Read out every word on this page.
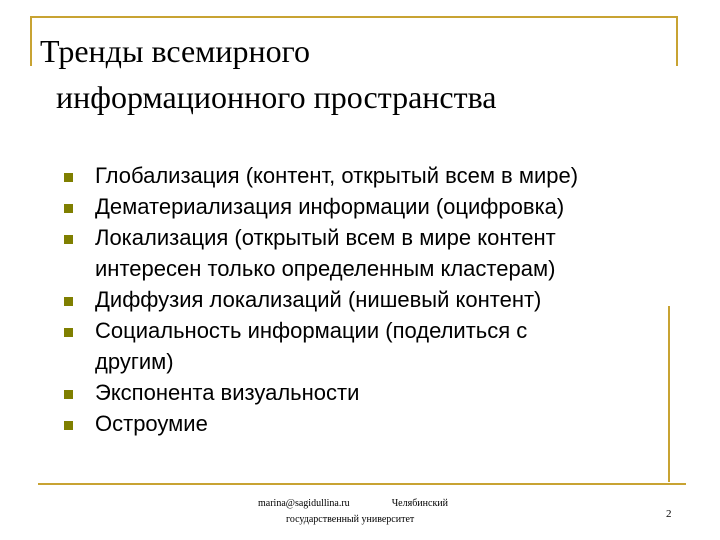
Тренды всемирного
информационного пространства
Глобализация (контент, открытый всем в мире)
Дематериализация информации (оцифровка)
Локализация (открытый всем в мире контент
интересен только определенным кластерам)
Диффузия локализаций (нишевый контент)
Социальность информации (поделиться с
другим)
Экспонента визуальности
Остроумие
marina@sagidullina.ru	Челябинский
государственный университет	2
